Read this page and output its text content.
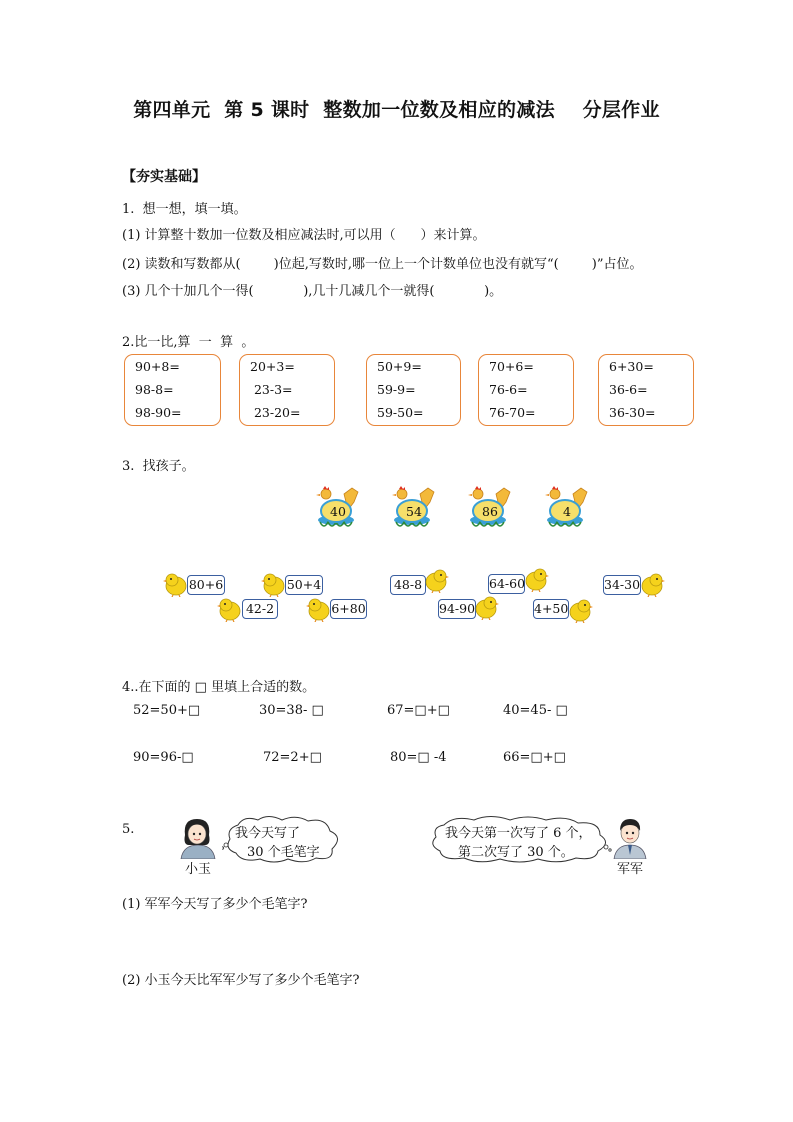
第四单元  第 5 课时  整数加一位数及相应的减法    分层作业
【夯实基础】
1.  想一想，填一填。
(1) 计算整十数加一位数及相应减法时,可以用（      ）来计算。
(2) 读数和写数都从(        )位起,写数时,哪一位上一个计数单位也没有就写“(        )”占位。
(3) 几个十加几个一得(            ),几十几减几个一就得(            )。
2.比一比,算  一  算  。
90+8=
98-8=
98-90=
20+3=
23-3=
23-20=
50+9=
59-9=
59-50=
70+6=
76-6=
76-70=
6+30=
36-6=
36-30=
3.  找孩子。
40	54	86	4
80+6	50+4	48-8	64-60	34-30
42-2	6+80	94-90	4+50
4..在下面的 □ 里填上合适的数。
52=50+□	30=38- □	67=□+□	40=45- □
90=96-□	72=2+□	80=□ -4	66=□+□
5.
小玉
我今天写了
30 个毛笔字
我今天第一次写了 6 个，
第二次写了 30 个。
军军
(1) 军军今天写了多少个毛笔字?
(2) 小玉今天比军军少写了多少个毛笔字?
